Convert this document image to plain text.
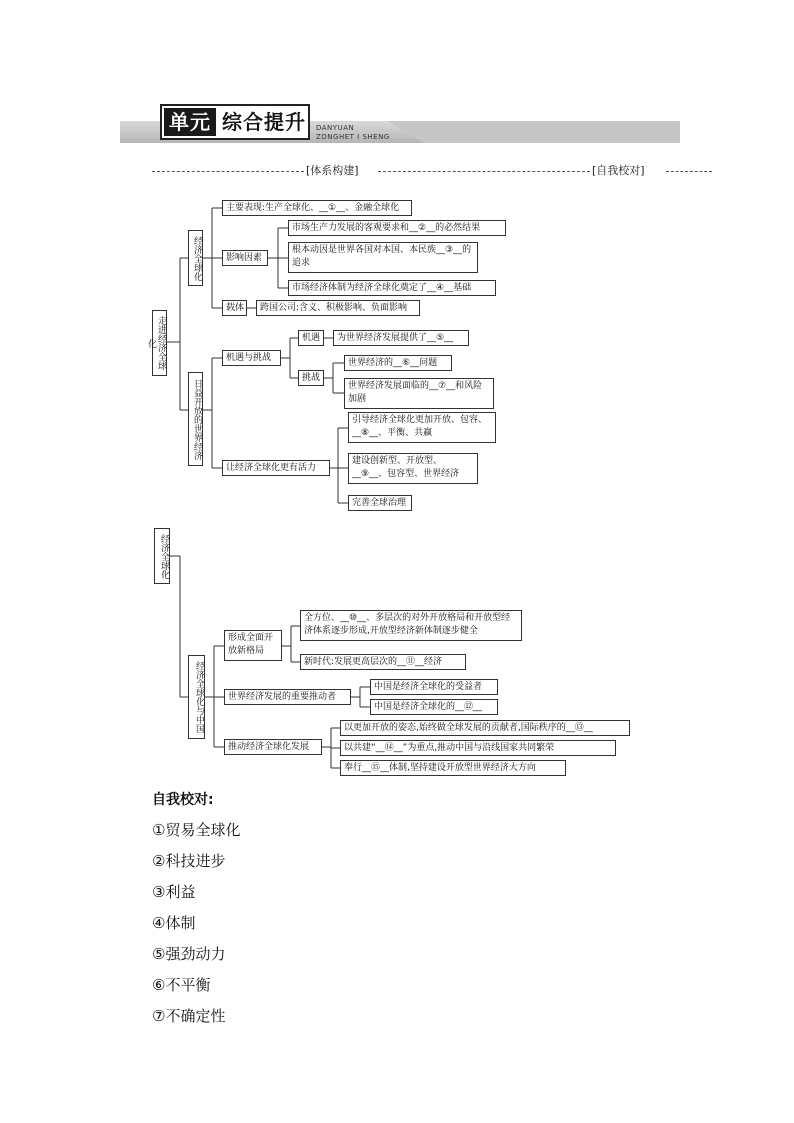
单元 综合提升 DANYUAN
ZONGHET I SHENG
[体系构建]	[自我校对]
走进经济全球化
经济全球化
主要表现:生产全球化、__①__、金融全球化
影响因素
市场生产力发展的客观要求和__②__的必然结果
根本动因是世界各国对本国、本民族__③__的追求
市场经济体制为经济全球化奠定了__④__基础
载体	跨国公司:含义、积极影响、负面影响
日益开放的世界经济
机遇与挑战
机遇	为世界经济发展提供了__⑤__
挑战
世界经济的__⑥__问题
世界经济发展面临的__⑦__和风险加剧
让经济全球化更有活力
引导经济全球化更加开放、包容、__⑧__、平衡、共赢
建设创新型、开放型、__⑨__、包容型、世界经济
完善全球治理
经济全球化
经济全球化与中国
形成全面开放新格局
全方位、__⑩__、多层次的对外开放格局和开放型经济体系逐步形成,开放型经济新体制逐步健全
新时代:发展更高层次的__⑪__经济
世界经济发展的重要推动者
中国是经济全球化的受益者
中国是经济全球化的__⑫__
推动经济全球化发展
以更加开放的姿态,始终做全球发展的贡献者,国际秩序的__⑬__
以共建“__⑭__”为重点,推动中国与沿线国家共同繁荣
奉行__⑮__体制,坚持建设开放型世界经济大方向
自我校对:
①贸易全球化
②科技进步
③利益
④体制
⑤强劲动力
⑥不平衡
⑦不确定性
